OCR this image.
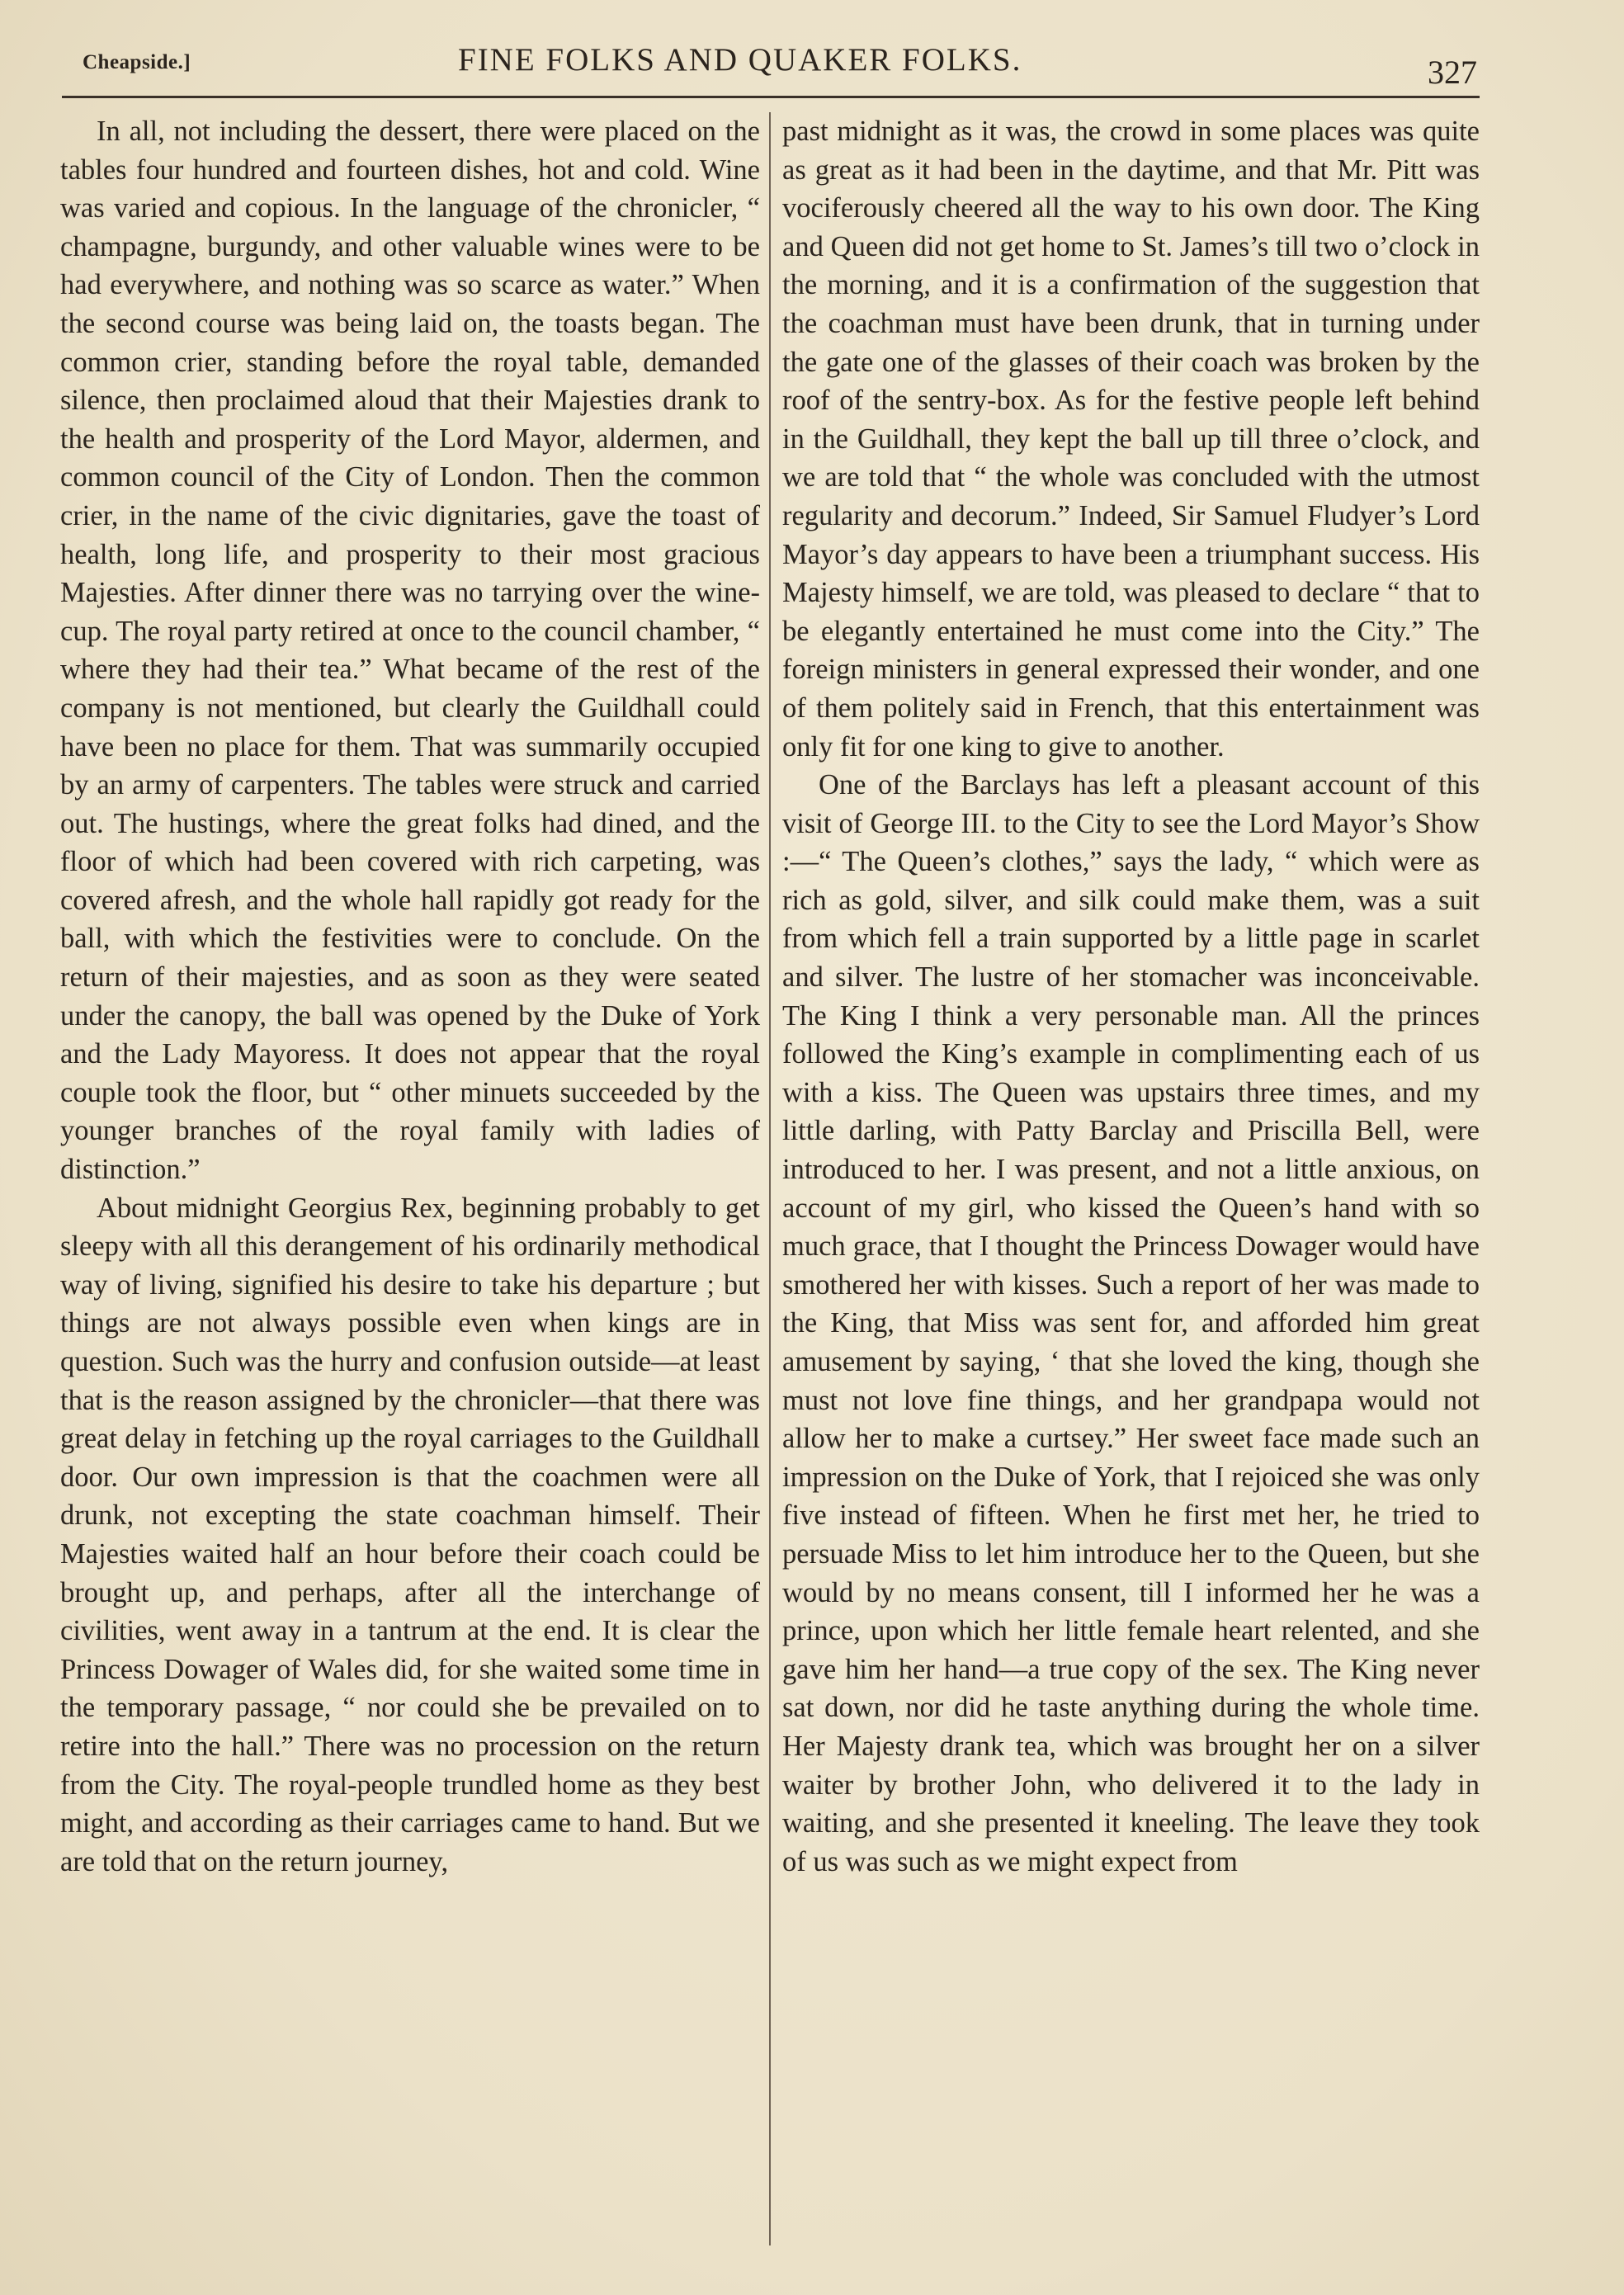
Cheapside.]	FINE FOLKS AND QUAKER FOLKS.	327

In all, not including the dessert, there were placed on the tables four hundred and fourteen dishes, hot and cold. Wine was varied and copious. In the language of the chronicler, “ champagne, burgundy, and other valuable wines were to be had everywhere, and nothing was so scarce as water.” When the second course was being laid on, the toasts began. The common crier, standing before the royal table, demanded silence, then proclaimed aloud that their Majesties drank to the health and prosperity of the Lord Mayor, aldermen, and common council of the City of London. Then the common crier, in the name of the civic dignitaries, gave the toast of health, long life, and prosperity to their most gracious Majesties. After dinner there was no tarrying over the wine-cup. The royal party retired at once to the council chamber, “ where they had their tea.” What became of the rest of the company is not mentioned, but clearly the Guildhall could have been no place for them. That was summarily occupied by an army of carpenters. The tables were struck and carried out. The hustings, where the great folks had dined, and the floor of which had been covered with rich carpeting, was covered afresh, and the whole hall rapidly got ready for the ball, with which the festivities were to conclude. On the return of their majesties, and as soon as they were seated under the canopy, the ball was opened by the Duke of York and the Lady Mayoress. It does not appear that the royal couple took the floor, but “ other minuets succeeded by the younger branches of the royal family with ladies of distinction.”

About midnight Georgius Rex, beginning probably to get sleepy with all this derangement of his ordinarily methodical way of living, signified his desire to take his departure ; but things are not always possible even when kings are in question. Such was the hurry and confusion outside—at least that is the reason assigned by the chronicler—that there was great delay in fetching up the royal carriages to the Guildhall door. Our own impression is that the coachmen were all drunk, not excepting the state coachman himself. Their Majesties waited half an hour before their coach could be brought up, and perhaps, after all the interchange of civilities, went away in a tantrum at the end. It is clear the Princess Dowager of Wales did, for she waited some time in the temporary passage, “ nor could she be prevailed on to retire into the hall.” There was no procession on the return from the City. The royal-people trundled home as they best might, and according as their carriages came to hand. But we are told that on the return journey,

past midnight as it was, the crowd in some places was quite as great as it had been in the daytime, and that Mr. Pitt was vociferously cheered all the way to his own door. The King and Queen did not get home to St. James’s till two o’clock in the morning, and it is a confirmation of the suggestion that the coachman must have been drunk, that in turning under the gate one of the glasses of their coach was broken by the roof of the sentry-box. As for the festive people left behind in the Guildhall, they kept the ball up till three o’clock, and we are told that “ the whole was concluded with the utmost regularity and decorum.” Indeed, Sir Samuel Fludyer’s Lord Mayor’s day appears to have been a triumphant success. His Majesty himself, we are told, was pleased to declare “ that to be elegantly entertained he must come into the City.” The foreign ministers in general expressed their wonder, and one of them politely said in French, that this entertainment was only fit for one king to give to another.

One of the Barclays has left a pleasant account of this visit of George III. to the City to see the Lord Mayor’s Show :—“ The Queen’s clothes,” says the lady, “ which were as rich as gold, silver, and silk could make them, was a suit from which fell a train supported by a little page in scarlet and silver. The lustre of her stomacher was inconceivable. The King I think a very personable man. All the princes followed the King’s example in complimenting each of us with a kiss. The Queen was upstairs three times, and my little darling, with Patty Barclay and Priscilla Bell, were introduced to her. I was present, and not a little anxious, on account of my girl, who kissed the Queen’s hand with so much grace, that I thought the Princess Dowager would have smothered her with kisses. Such a report of her was made to the King, that Miss was sent for, and afforded him great amusement by saying, ‘ that she loved the king, though she must not love fine things, and her grandpapa would not allow her to make a curtsey.” Her sweet face made such an impression on the Duke of York, that I rejoiced she was only five instead of fifteen. When he first met her, he tried to persuade Miss to let him introduce her to the Queen, but she would by no means consent, till I informed her he was a prince, upon which her little female heart relented, and she gave him her hand—a true copy of the sex. The King never sat down, nor did he taste anything during the whole time. Her Majesty drank tea, which was brought her on a silver waiter by brother John, who delivered it to the lady in waiting, and she presented it kneeling. The leave they took of us was such as we might expect from
